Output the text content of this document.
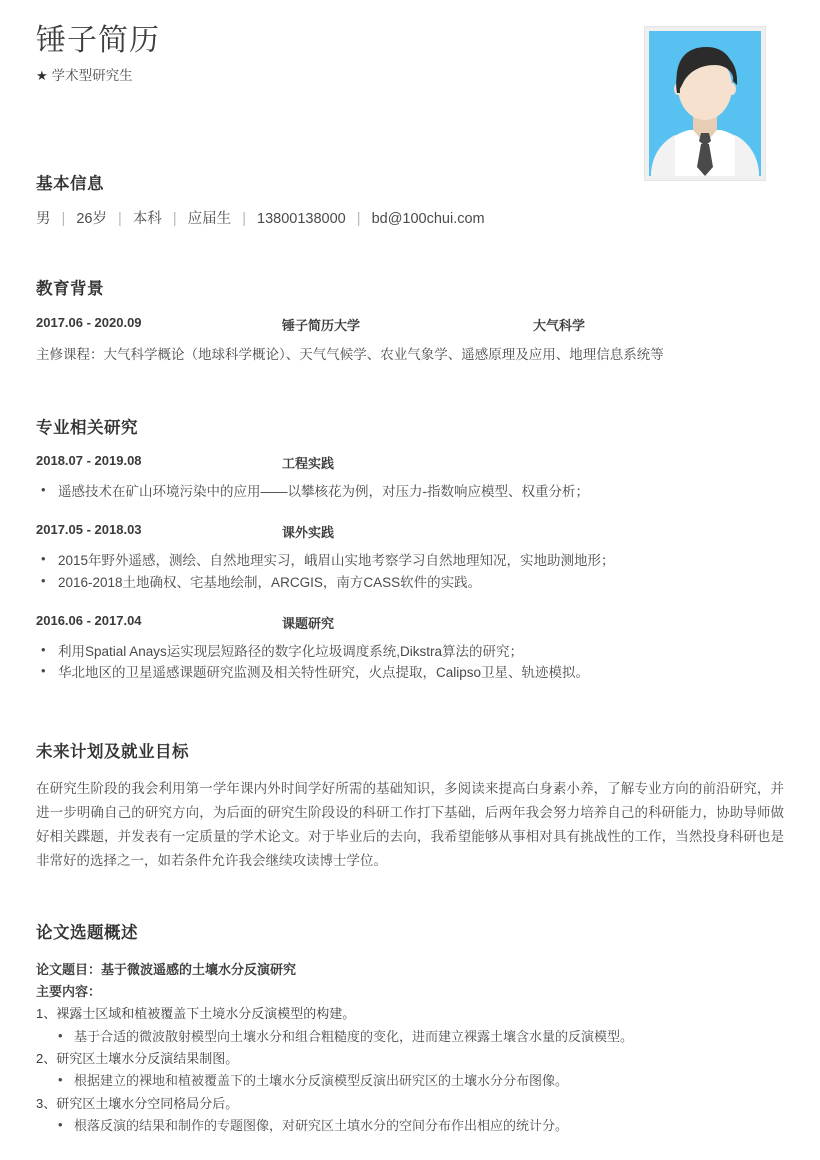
锤子简历
★ 学术型研究生
基本信息
男 | 26岁 | 本科 | 应届生 | 13800138000 | bd@100chui.com
教育背景
2017.06 - 2020.09	锤子简历大学	大气科学
主修课程：大气科学概论（地球科学概论）、天气气候学、农业气象学、遥感原理及应用、地理信息系统等
专业相关研究
2018.07 - 2019.08	工程实践
• 遥感技术在矿山环境污染中的应用——以攀核花为例，对压力-指数响应模型、权重分析；
2017.05 - 2018.03	课外实践
• 2015年野外遥感，测绘、自然地理实习，峨眉山实地考察学习自然地理知况，实地助测地形；
• 2016-2018土地确权、宅基地绘制，ARCGIS，南方CASS软件的实践。
2016.06 - 2017.04	课题研究
• 利用Spatial Anays运实现层短路径的数字化垃圾调度系统,Dikstra算法的研究；
• 华北地区的卫星遥感课题研究监测及相关特性研究，火点提取，Calipso卫星、轨迹模拟。
未来计划及就业目标

在研究生阶段的我会利用第一学年课内外时间学好所需的基础知识，多阅读来提高白身素小养，了解专业方向的前沿研究，并进一步明确自己的研究方向，为后面的研究生阶段设的科研工作打下基础，后两年我会努力培养自己的科研能力，协助导师做好相关蹀题，并发表有一定质量的学术论文。对于毕业后的去向，我希望能够从事相对具有挑战性的工作，当然投身科研也是非常好的选择之一，如若条件允许我会继续攻读博士学位。

论文选题概述
论文题目：基于微波遥感的土壤水分反演研究
主要内容：
1、裸露士区域和植被覆盖下土境水分反演模型的构建。
• 基于合适的微波散射模型向土壤水分和组合粗糙度的变化，进而建立裸露土壤含水量的反演模型。
2、研究区土壤水分反演结果制图。
• 根据建立的裸地和植被覆盖下的土壤水分反演模型反演出研究区的土壤水分分布图像。
3、研究区土壤水分空同格局分后。
• 根落反演的结果和制作的专题图像，对研究区土填水分的空间分布作出相应的统计分。
